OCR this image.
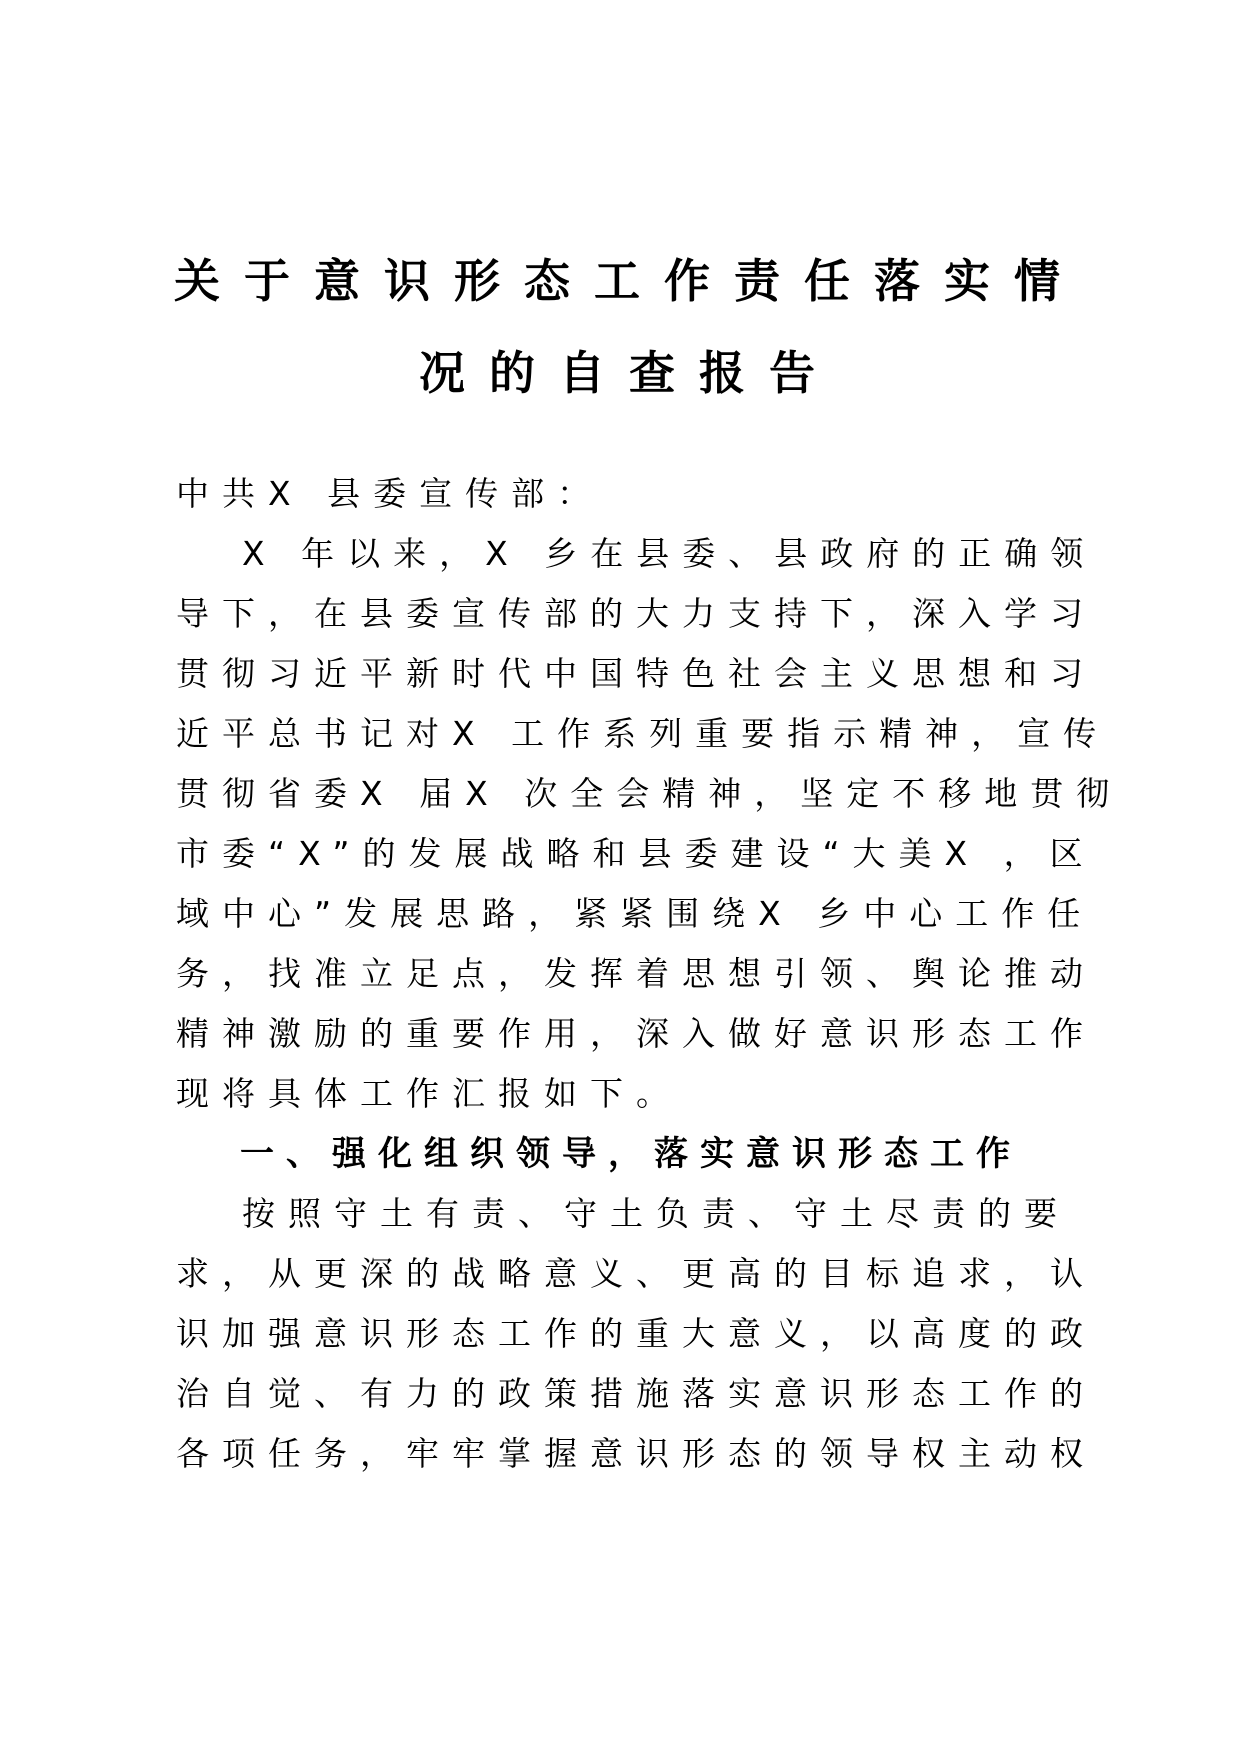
关于意识形态工作责任落实情
况的自查报告
中共X 县委宣传部：
X 年以来，X 乡在县委、县政府的正确领
导下，在县委宣传部的大力支持下，深入学习
贯彻习近平新时代中国特色社会主义思想和习
近平总书记对X 工作系列重要指示精神，宣传
贯彻省委X 届X 次全会精神，坚定不移地贯彻
市委“X”的发展战略和县委建设“大美X ，区
域中心”发展思路，紧紧围绕X 乡中心工作任
务，找准立足点，发挥着思想引领、舆论推动
精神激励的重要作用，深入做好意识形态工作
现将具体工作汇报如下。
一、强化组织领导，落实意识形态工作
按照守土有责、守土负责、守土尽责的要
求，从更深的战略意义、更高的目标追求，认
识加强意识形态工作的重大意义，以高度的政
治自觉、有力的政策措施落实意识形态工作的
各项任务，牢牢掌握意识形态的领导权主动权
